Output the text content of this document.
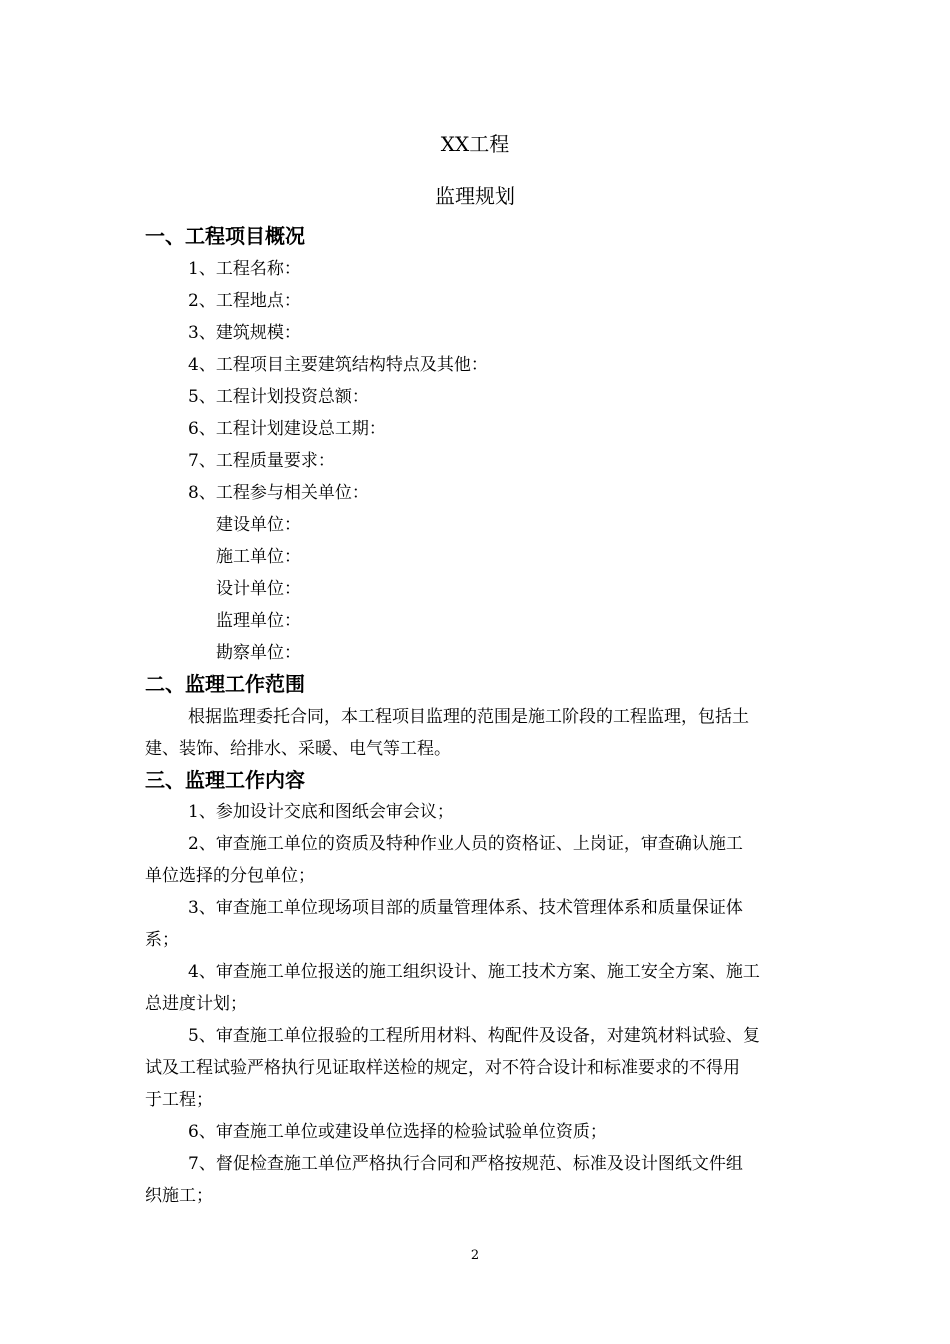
XX工程
监理规划
一、工程项目概况
1、工程名称：
2、工程地点：
3、建筑规模：
4、工程项目主要建筑结构特点及其他：
5、工程计划投资总额：
6、工程计划建设总工期：
7、工程质量要求：
8、工程参与相关单位：
建设单位：
施工单位：
设计单位：
监理单位：
勘察单位：
二、监理工作范围
根据监理委托合同，本工程项目监理的范围是施工阶段的工程监理，包括土
建、装饰、给排水、采暖、电气等工程。
三、监理工作内容
1、参加设计交底和图纸会审会议；
2、审查施工单位的资质及特种作业人员的资格证、上岗证，审查确认施工
单位选择的分包单位；
3、审查施工单位现场项目部的质量管理体系、技术管理体系和质量保证体
系；
4、审查施工单位报送的施工组织设计、施工技术方案、施工安全方案、施工
总进度计划；
5、审查施工单位报验的工程所用材料、构配件及设备，对建筑材料试验、复
试及工程试验严格执行见证取样送检的规定，对不符合设计和标准要求的不得用
于工程；
6、审查施工单位或建设单位选择的检验试验单位资质；
7、督促检查施工单位严格执行合同和严格按规范、标准及设计图纸文件组
织施工；
2
